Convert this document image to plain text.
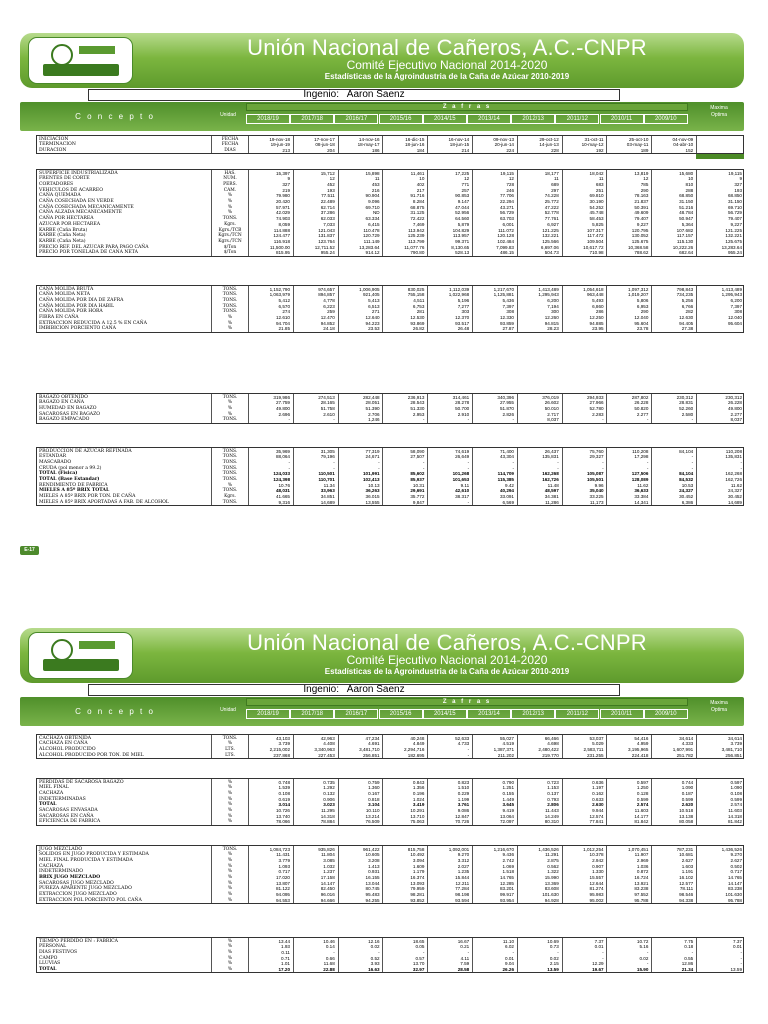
Unión Nacional de Cañeros, A.C.-CNPR
Comité Ejecutivo Nacional 2014-2020
Estadísticas de la Agroindustria de la Caña de Azúcar 2010-2019
Ingenio:   Aaron Saenz
C o n c e p t o	Unidad
Z a f r a s
2018/19	2017/18	2016/17	2015/16	2014/15	2013/14	2012/13	2011/12	2010/11	2009/10
Maxima
Optima
INICIACION	FECHA	19-nov-18	17-nov-17	14-nov-16	16-dic-15	16-nov-14	09-nov-13	29-oct-12	31-oct-11	25-oct-10	04-nov-09
TERMINACION	FECHA	19-jun-19	08-jun-18	18-may-17	18-jun-16	18-jun-15	20-jun-14	14-jun-13	10-may-12	03-may-11	04-abr-10
DURACION	DIAS	213	204	186	184	214	224	228	192	189	152
SUPERFICIE INDUSTRIALIZADA	HAS.	15,397	15,712	15,898	11,461	17,225	19,115	18,177	18,042	13,819	15,680	19,115
FRENTES DE CORTE	NUM.	9	12	11	10	12	12	11	11	12	10	9
CORTADORES	PERS.	327	452	453	402	771	728	689	683	785	810	327
VEHICULOS DE ACARREO	CAM.	219	193	216	217	257	246	297	251	290	288	193
CAÑA QUEMADA	%	79.980	77.511	90.904	91.716	90.853	77.706	74.228	69.810	78.163	68.850	68.850
CAÑA COSECHADA EN VERDE	%	20.420	22.489	9.096	8.284	9.147	22.294	25.772	30.190	21.837	31.150	31.150
CAÑA COSECHADA MECANICAMENTE	%	57.971	62.714	69.710	68.875	47.044	43.271	47.222	54.252	50.391	51.216	69.710
CAÑA ALZADA MECANICAMENTE	%	42.029	37.286	ND	31.125	52.956	56.729	52.778	45.748	49.609	48.784	56.729
CAÑA POR HECTAREA	TONS.	74.903	62.033	63.334	72.422	64.560	63.703	77.761	58.453	79.407	50.947	79.407
AZUCAR POR HECTAREA	Kgrs.	8,059	7,033	6,415	7,469	5,879	6,001	6,927	5,825	9,227	5,364	9,227
KARBE (Caña Bruta)	Kgrs./TCB	114.888	121.043	110.478	113.942	104.829	111.072	121.225	107.317	120.795	107.682	121.225
KARBE (Caña Neta)	Kgrs./TCN	124.477	131.837	120.729	125.239	113.957	120.128	132.221	117.472	130.052	117.157	132.221
KARBE (Caña Neta)	Kgrs./TCN	116.918	123.764	111.149	113.799	99.371	102.484	125.566	109.504	125.675	115.130	125.675
PRECIO REF. DEL AZUCAR PARA PAGO CAÑA	$/Ton	11,500.00	12,711.52	13,283.64	11,077.76	8,130.65	7,099.83	6,697.06	10,617.72	10,368.58	10,222.26	13,283.64
PRECIO POR TONELADA DE CAÑA NETA	$/Ton	815.95	955.24	914.12	790.80	528.13	486.15	504.73	710.98	788.62	682.64	955.24
CAÑA MOLIDA BRUTA	TONS.	1,152,790	974,657	1,006,905	830,025	1,112,039	1,217,670	1,413,489	1,054,618	1,097,312	798,843	1,413,489
CAÑA MOLIDA NETA	TONS.	1,063,979	894,857	921,405	755,158	1,022,968	1,125,881	1,295,943	963,448	1,019,207	734,235	1,295,943
CAÑA MOLIDA POR DIA DE ZAFRA	TONS.	5,412	4,778	5,413	4,511	5,196	5,436	6,200	5,493	5,806	5,256	6,200
CAÑA MOLIDA POR DIA HABIL	TONS.	6,570	6,223	6,513	6,753	7,277	7,397	7,194	6,860	6,953	6,766	7,397
CAÑA MOLIDA POR HORA	TONS.	274	259	271	281	303	308	300	286	290	282	308
FIBRA EN CAÑA	%	12.610	12.470	12.640	12.530	12.370	12.330	12.260	12.250	12.040	12.630	12.040
EXTRACCION REDUCIDA A 12.5 % EN CAÑA	%	94.704	94.852	94.223	93.869	93.517	93.859	94.815	94.885	95.604	94.405	95.604
IMBIBICION PORCIENTO CAÑA	%	21.85	24.18	23.53	26.82	26.48	27.87	28.23	23.95	23.78	27.38
BAGAZO OBTENIDO	TONS.	319,986	274,513	282,448	236,913	314,461	340,396	376,019	294,933	287,802	230,312	230,312
BAGAZO EN CAÑA	%	27.759	28.165	28.051	28.543	28.278	27.955	26.602	27.966	26.228	28.831	26.228
HUMEDAD EN BAGAZO	%	49.800	51.758	51.390	51.330	50.700	51.870	50.010	52.780	50.820	52.260	49.800
SACAROSAS EN BAGAZO	%	2.696	2.610	2.706	2.953	2.910	2.826	2.717	2.283	2.277	2.580	2.277
BAGAZO EMPACADO	TONS.	-	-	1,246	-	-	-	8,037	-	-	-	8,037
PRODUCCION DE AZUCAR REFINADA	TONS.	35,969	31,305	77,319	58,090	74,619	71,400	26,437	75,760	110,208	84,104	110,208
ESTANDAR	TONS.	88,064	79,196	24,671	27,507	26,649	43,304	135,831	29,327	17,298	-	135,831
MASCABADO	TONS.	-	-	-	-	-	-	-	-	-	-	-
CRUDA (pol menor a 99.2)	TONS.	-	-	-	-	-	-	-	-	-	-	-
TOTAL (Fisica)	TONS.	124,033	110,501	101,991	85,602	101,268	114,709	162,268	105,087	127,506	84,104	162,268
TOTAL (Base Estandar)	TONS.	124,398	110,701	102,413	85,937	101,653	115,385	162,726	105,501	128,089	84,532	162,726
RENDIMIENTO DE FABRICA	%	10.76	11.34	10.13	10.31	9.11	9.42	11.48	9.96	11.62	10.53	11.62
MIELES A 85º BRIX TOTAL	TONS.	48,031	33,963	36,263	29,691	42,610	40,294	48,597	35,040	36,633	24,327	24,327
MIELES A 85º BRIX POR TON. DE CAÑA	Kgrs.	41.665	34.851	36.015	35.772	38.317	33.091	34.381	33.225	33.384	30.452	30.452
MIELES A 85º BRIX APORTADAS A FAB. DE ALCOHOL	TONS.	9,316	14,689	13,555	9,847	-	6,569	11,286	11,173	14,341	6,386	14,689
E-17
Unión Nacional de Cañeros, A.C.-CNPR
Comité Ejecutivo Nacional 2014-2020
Estadísticas de la Agroindustria de la Caña de Azúcar 2010-2019
Ingenio:   Aaron Saenz
C o n c e p t o	Unidad
Z a f r a s
2018/19	2017/18	2016/17	2015/16	2014/15	2013/14	2012/13	2011/12	2010/11	2009/10
Maxima
Optima
CACHAZA OBTENIDA	TONS.	43,103	42,963	47,234	40,248	52,633	55,027	66,466	53,037	54,416	34,614	34,614
CACHAZA EN CAÑA	%	3.739	4.408	4.691	4.849	4.733	4.519	4.698	5.029	4.959	4.333	3.739
ALCOHOL PRODUCIDO	LTS.	2,215,002	3,340,963	3,481,710	2,294,716	-	1,387,371	2,480,422	2,583,711	3,195,965	1,607,991	3,481,710
ALCOHOL PRODUCIDO POR TON. DE MIEL	LTS.	237.868	227.453	256.851	182.695	-	211.202	219.770	231.255	224.418	251.782	256.851
PERDIDAS DE SACAROSA BAGAZO	%	0.748	0.735	0.759	0.843	0.823	0.790	0.723	0.636	0.597	0.744	0.597
MIEL FINAL	%	1.539	1.292	1.360	1.356	1.510	1.251	1.153	1.197	1.250	1.090	1.090
CACHAZA	%	0.108	0.132	0.167	0.196	0.229	0.155	0.137	0.162	0.128	0.187	0.108
INDETERMINADAS	%	0.619	0.906	0.818	1.024	1.199	1.449	0.793	0.633	0.599	0.599	0.599
TOTAL	%	3.014	3.023	3.104	3.419	3.761	3.645	2.806	2.630	2.574	2.620	2.574
SACAROSAS ENVASADA	%	10.726	11.295	10.110	10.291	9.086	9.419	11.443	9.944	11.603	10.518	11.603
SACAROSAS EN CAÑA	%	13.740	14.318	13.214	13.710	12.847	13.064	14.249	12.574	14.177	13.138	14.318
EFICIENCIA DE FABRICA	%	78.066	78.884	76.509	75.063	70.726	72.097	80.310	77.841	81.842	80.058	81.842
JUGO MEZCLADO	TONS.	1,084,723	935,826	961,422	815,758	1,092,001	1,216,670	1,436,526	1,012,254	1,070,451	787,231	1,436,526
SOLIDOS EN JUGO PRODUCIDA Y ESTIMADA	%	11.431	11.804	10.605	10.492	9.270	9.436	11.291	10.378	11.907	10.681	9.270
MIEL FINAL PRODUCIDA Y ESTIMADA	%	3.779	3.085	3.208	3.094	3.312	2.742	2.875	2.942	2.969	2.627	2.627
CACHAZA	%	1.093	1.032	1.413	1.609	2.027	1.069	0.562	0.907	1.036	1.603	0.502
INDETERMINADO	%	0.717	1.237	0.931	1.179	1.235	1.518	1.322	1.330	0.872	1.191	0.717
BRIX JUGO MEZCLADO	%	17.020	17.158	16.155	16.374	15.844	14.765	15.990	15.557	16.724	16.102	14.765
SACAROSAS JUGO MEZCLADO	%	13.807	14.147	13.044	13.093	12.211	12.285	13.369	12.644	13.921	12.577	14.147
PUREZA APARENTE JUGO MEZCLADO	%	81.122	82.450	80.745	79.959	77.284	83.201	83.608	81.274	83.238	78.111	83.238
EXTRACCION JUGO MEZCLADO	%	94.095	96.016	95.483	98.281	98.198	99.917	101.630	95.983	97.552	98.546	101.630
EXTRACCION POL PORCIENTO POL CAÑA	%	94.553	94.666	94.255	93.852	93.594	93.954	94.928	95.002	95.788	94.338	95.788
TIEMPO PERDIDO EN : FABRICA	%	13.44	10.46	12.16	18.65	16.67	11.10	10.69	7.37	10.72	7.75	7.37
PERSONAL	%	1.93	0.14	0.02	0.05	0.21	6.02	0.73	0.01	5.16	0.18	0.01
DIAS FESTIVOS	%	0.11	-	-	-	-	-	-	-	-	-	-
CAMPO	%	0.71	0.66	0.52	0.57	4.11	0.01	0.02	-	0.02	0.55	-
LLUVIAS	%	1.01	11.68	3.93	13.70	7.59	9.04	2.15	12.29	-	12.86	-
TOTAL	%	17.20	22.88	16.63	32.97	28.58	26.26	13.59	19.67	15.90	21.34	13.59
